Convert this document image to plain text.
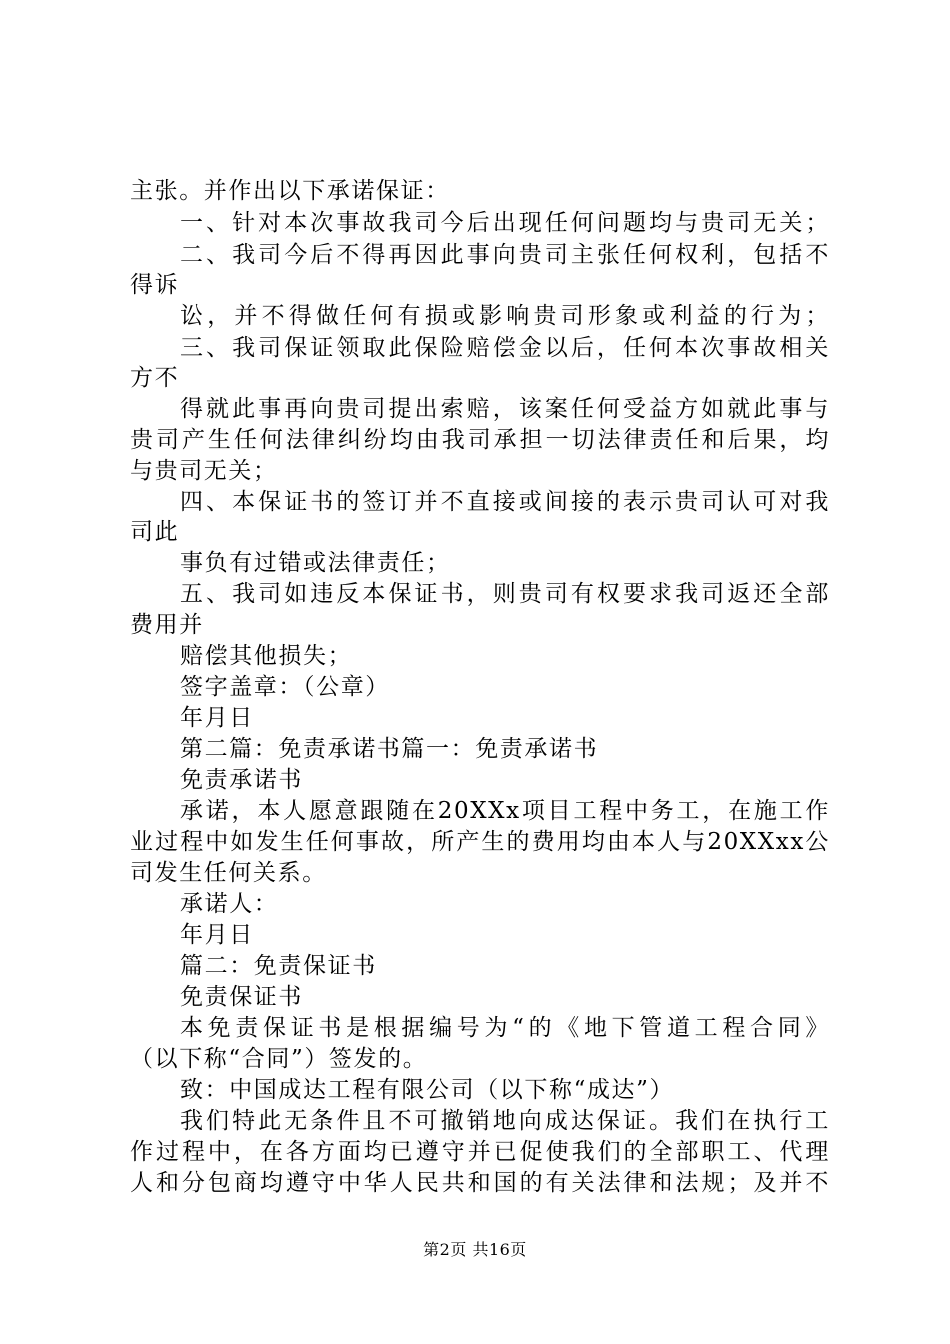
主张。并作出以下承诺保证：
一、针对本次事故我司今后出现任何问题均与贵司无关；
二、我司今后不得再因此事向贵司主张任何权利，包括不
得诉
讼，并不得做任何有损或影响贵司形象或利益的行为；
三、我司保证领取此保险赔偿金以后，任何本次事故相关
方不
得就此事再向贵司提出索赔，该案任何受益方如就此事与
贵司产生任何法律纠纷均由我司承担一切法律责任和后果，均
与贵司无关；
四、本保证书的签订并不直接或间接的表示贵司认可对我
司此
事负有过错或法律责任；
五、我司如违反本保证书，则贵司有权要求我司返还全部
费用并
赔偿其他损失；
签字盖章：（公章）
年月日
第二篇：免责承诺书篇一：免责承诺书
免责承诺书
承诺，本人愿意跟随在20XXx项目工程中务工，在施工作
业过程中如发生任何事故，所产生的费用均由本人与20XXxx公
司发生任何关系。
承诺人：
年月日
篇二：免责保证书
免责保证书
本免责保证书是根据编号为“的《地下管道工程合同》
（以下称“合同”）签发的。
致：中国成达工程有限公司（以下称“成达”）
我们特此无条件且不可撤销地向成达保证。我们在执行工
作过程中，在各方面均已遵守并已促使我们的全部职工、代理
人和分包商均遵守中华人民共和国的有关法律和法规；及并不
第2页 共16页
